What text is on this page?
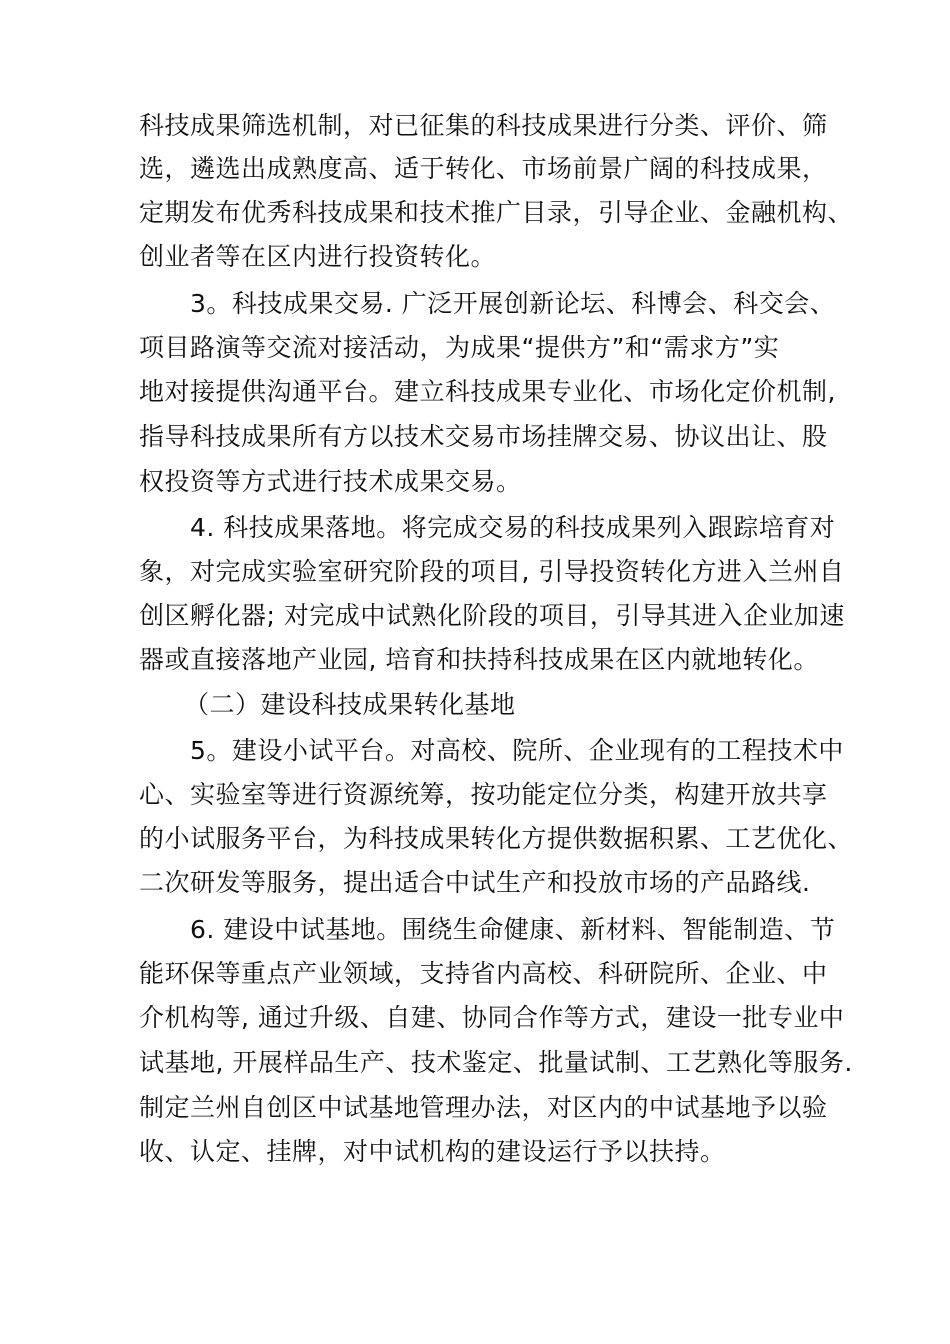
科技成果筛选机制，对已征集的科技成果进行分类、评价、筛
选，遴选出成熟度高、适于转化、市场前景广阔的科技成果，
定期发布优秀科技成果和技术推广目录，引导企业、金融机构、
创业者等在区内进行投资转化。
3。科技成果交易. 广泛开展创新论坛、科博会、科交会、
项目路演等交流对接活动，为成果“提供方”和“需求方”实
地对接提供沟通平台。建立科技成果专业化、市场化定价机制,
指导科技成果所有方以技术交易市场挂牌交易、协议出让、股
权投资等方式进行技术成果交易。
4. 科技成果落地。将完成交易的科技成果列入跟踪培育对
象，对完成实验室研究阶段的项目, 引导投资转化方进入兰州自
创区孵化器; 对完成中试熟化阶段的项目，引导其进入企业加速
器或直接落地产业园, 培育和扶持科技成果在区内就地转化。
（二）建设科技成果转化基地
5。建设小试平台。对高校、院所、企业现有的工程技术中
心、实验室等进行资源统筹，按功能定位分类，构建开放共享
的小试服务平台，为科技成果转化方提供数据积累、工艺优化、
二次研发等服务，提出适合中试生产和投放市场的产品路线.
6. 建设中试基地。围绕生命健康、新材料、智能制造、节
能环保等重点产业领域，支持省内高校、科研院所、企业、中
介机构等, 通过升级、自建、协同合作等方式，建设一批专业中
试基地, 开展样品生产、技术鉴定、批量试制、工艺熟化等服务.
制定兰州自创区中试基地管理办法，对区内的中试基地予以验
收、认定、挂牌，对中试机构的建设运行予以扶持。
